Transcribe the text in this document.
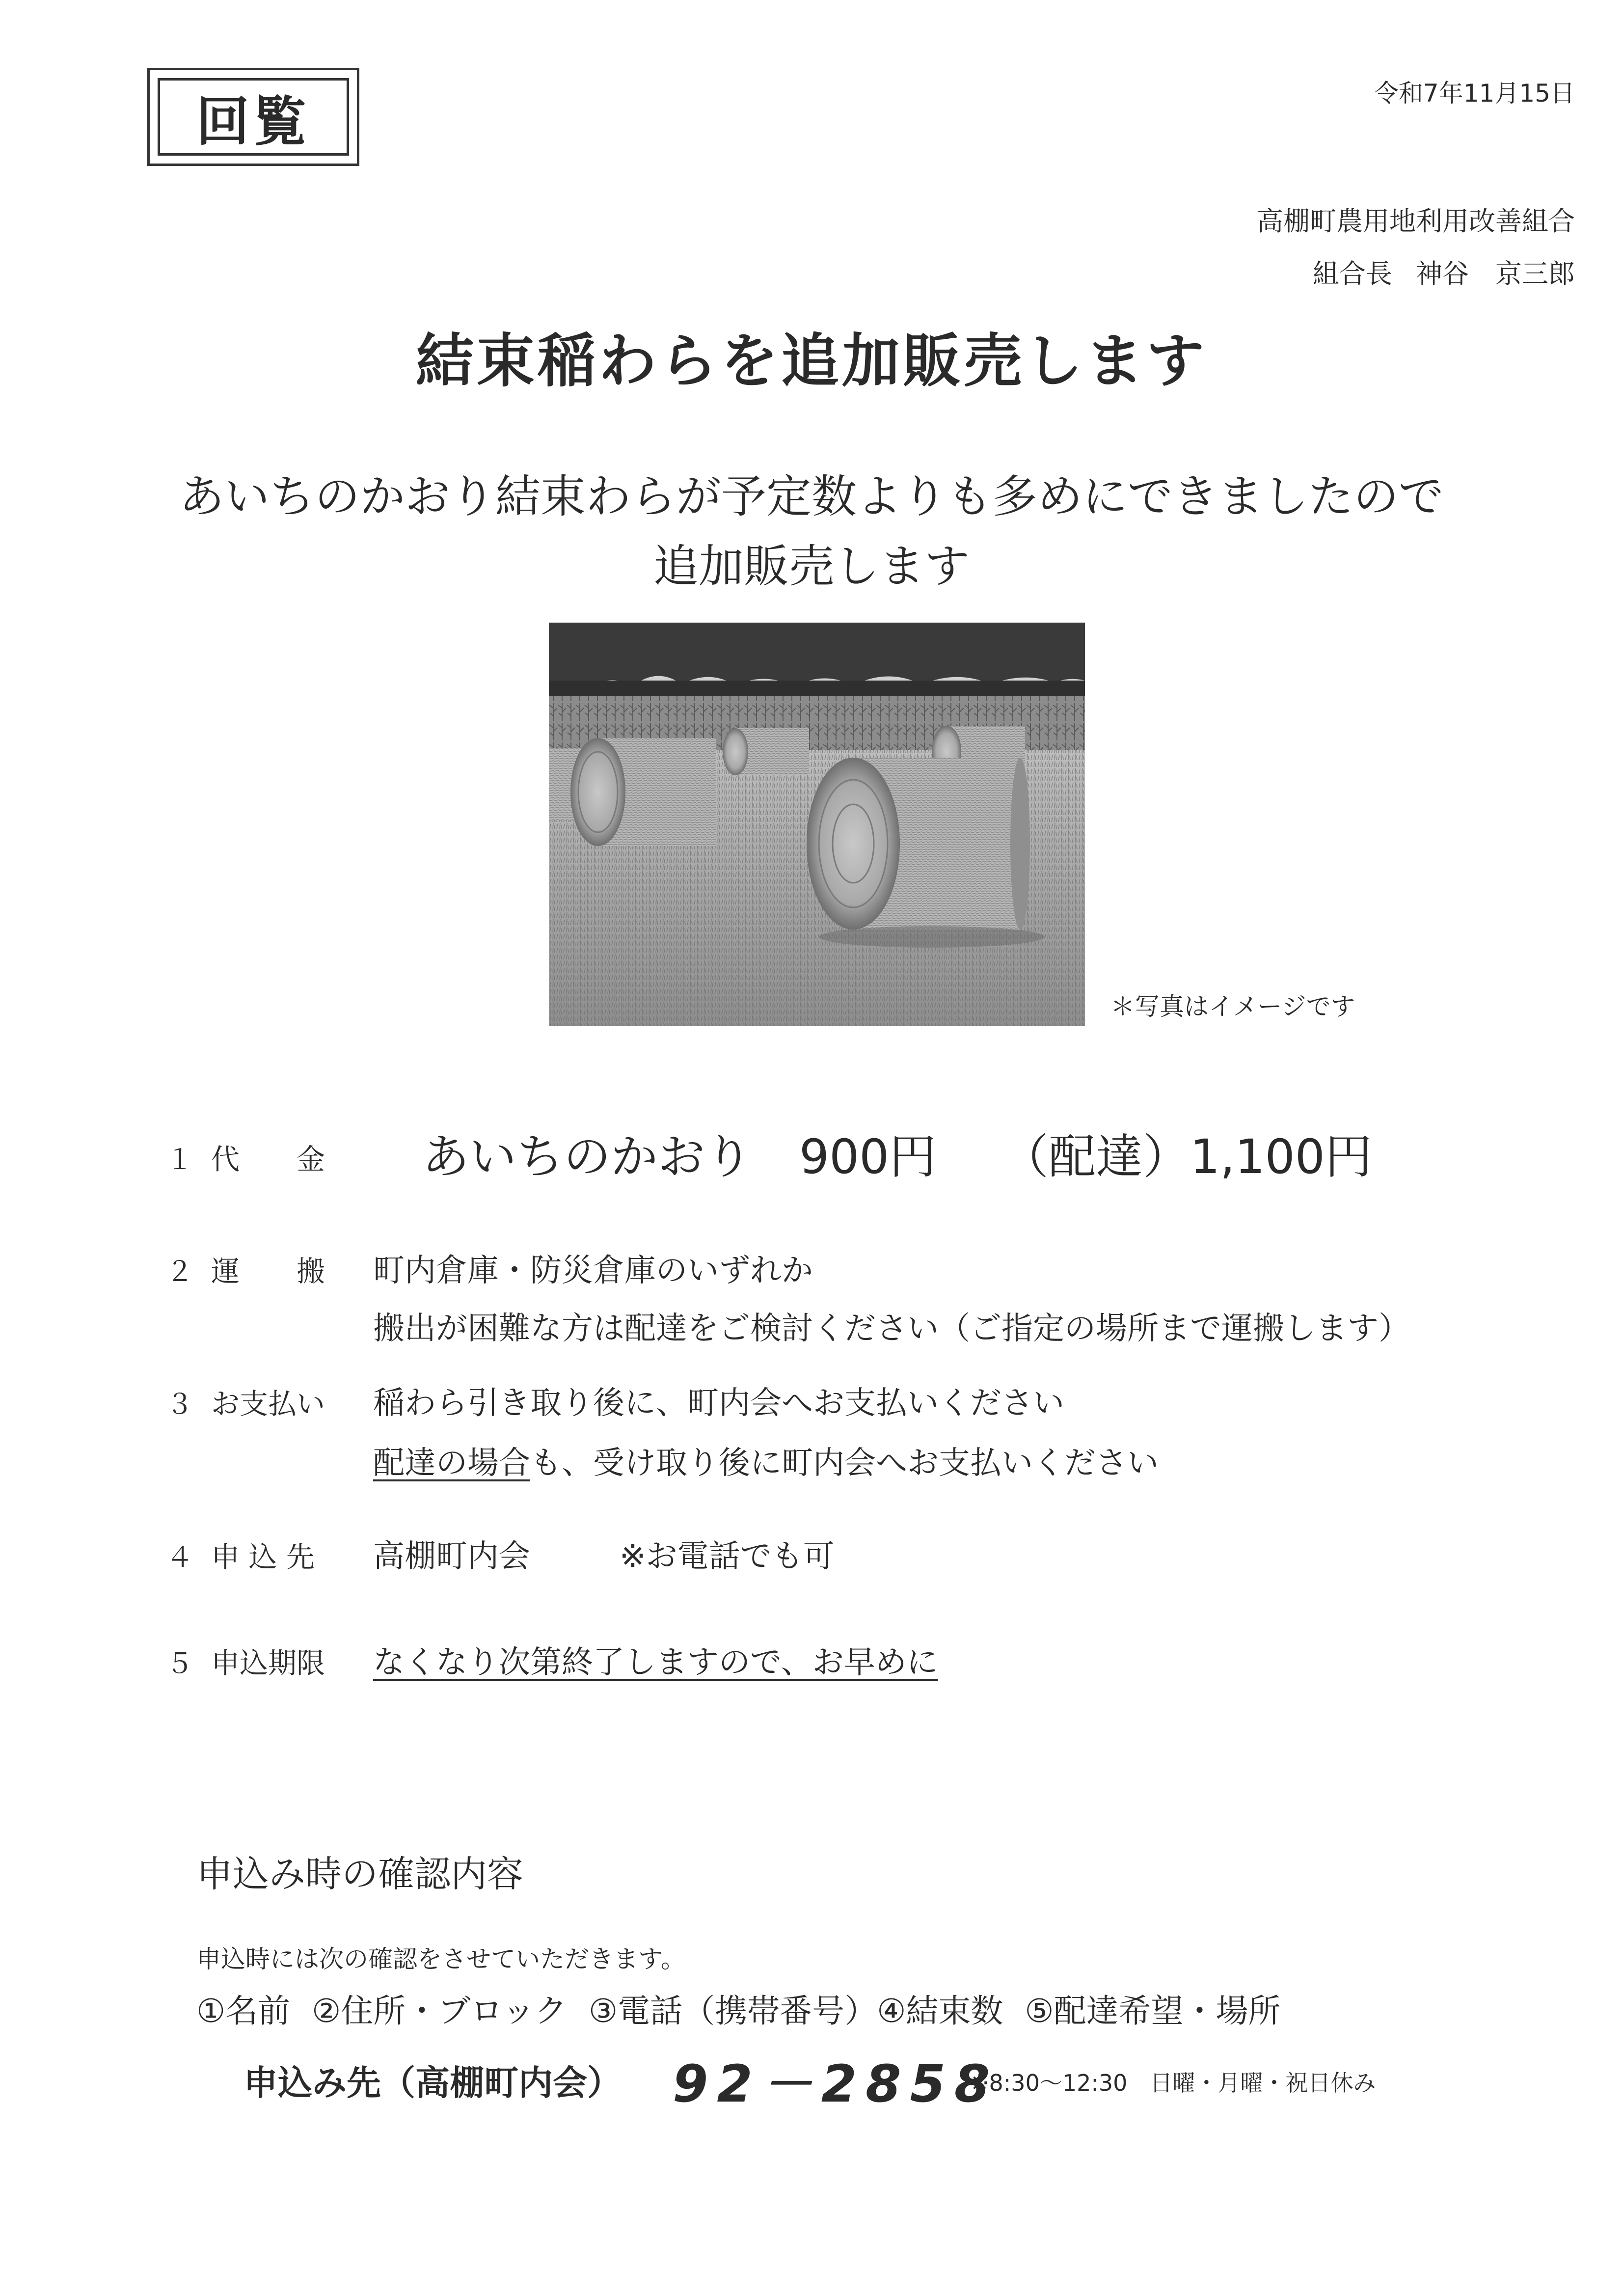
回覧	令和7年11月15日
高棚町農用地利用改善組合
組合長 神谷　京三郎
結束稲わらを追加販売します
あいちのかおり結束わらが予定数よりも多めにできましたので
追加販売します
＊写真はイメージです
１ 代　　金 あいちのかおり　900円 （配達）1,100円
２ 運　　搬 町内倉庫・防災倉庫のいずれか
搬出が困難な方は配達をご検討ください（ご指定の場所まで運搬します）
３ お支払い 稲わら引き取り後に、町内会へお支払いください
配達の場合も、受け取り後に町内会へお支払いください
４ 申 込 先 高棚町内会	※お電話でも可
５ 申込期限 なくなり次第終了しますので、お早めに
申込み時の確認内容
申込時には次の確認をさせていただきます。
①名前 ②住所・ブロック ③電話（携帯番号）④結束数 ⑤配達希望・場所
申込み先（高棚町内会） 92－2858
※8:30～12:30　日曜・月曜・祝日休み
